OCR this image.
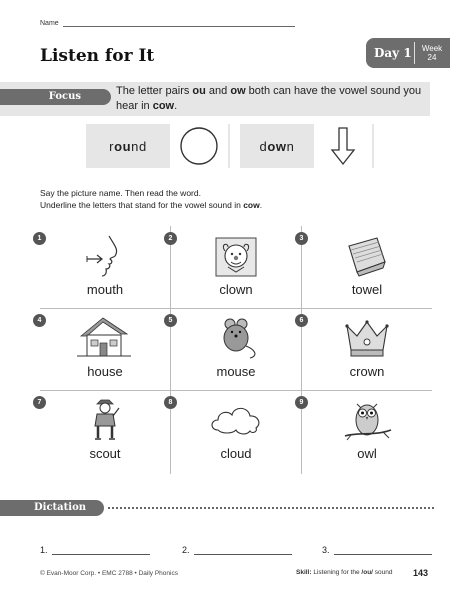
Name
Listen for It	Day 1	Week
24
Focus	The letter pairs ou and ow both can have the vowel sound you hear in cow.
r ou nd	d ow n
Say the picture name. Then read the word.
Underline the letters that stand for the vowel sound in cow.
1
mouth
2
clown
3
towel
4
house
5
mouse
6
crown
7
scout
8
cloud
9
owl
Dictation
1.	2.	3.
© Evan-Moor Corp. • EMC 2788 • Daily Phonics	Skill: Listening for the /ou/ sound 143
